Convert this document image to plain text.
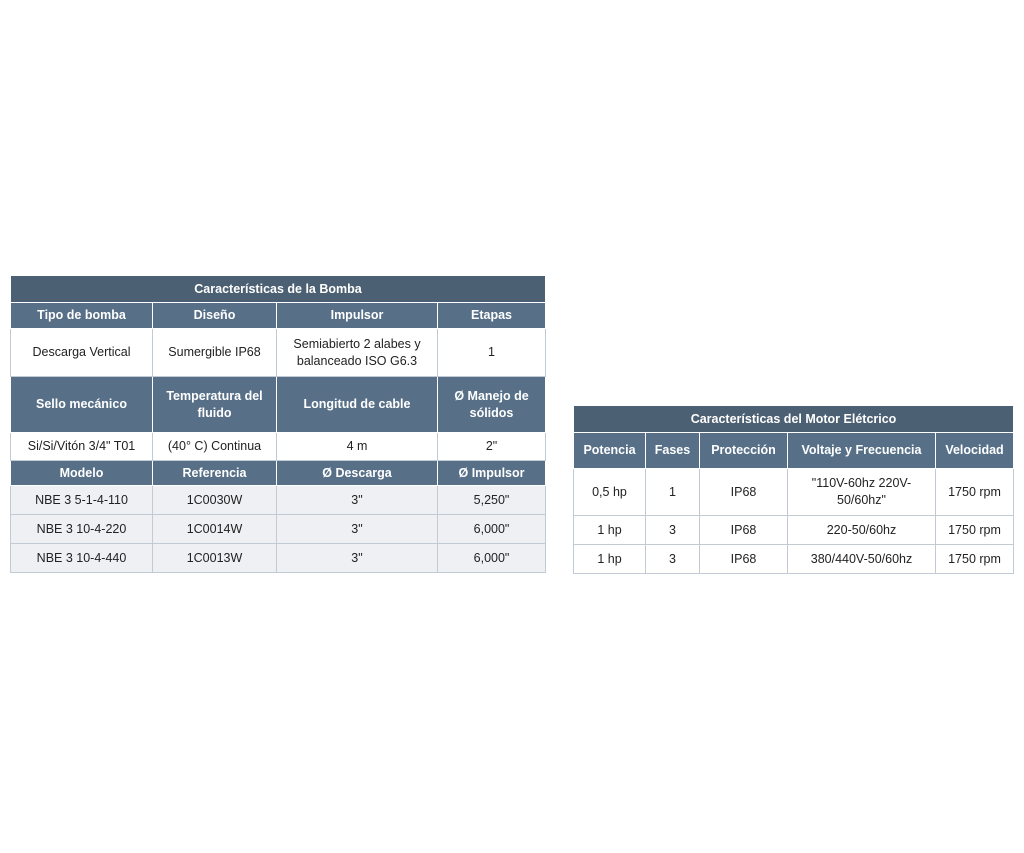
Características de la Bomba			
Tipo de bomba	Diseño	Impulsor	Etapas
Descarga Vertical	Sumergible IP68	Semiabierto 2 alabes y balanceado ISO G6.3	1
Sello mecánico	Temperatura del fluido	Longitud de cable	Ø Manejo de sólidos
Si/Si/Vitón 3/4" T01	(40° C) Continua	4 m	2"
Modelo	Referencia	Ø Descarga	Ø Impulsor
NBE 3 5-1-4-110	1C0030W	3"	5,250"
NBE 3 10-4-220	1C0014W	3"	6,000"
NBE 3 10-4-440	1C0013W	3"	6,000"
Características del Motor Elétcrico				
Potencia	Fases	Protección	Voltaje y Frecuencia	Velocidad
0,5 hp	1	IP68	"110V-60hz 220V-50/60hz"	1750 rpm
1 hp	3	IP68	220-50/60hz	1750 rpm
1 hp	3	IP68	380/440V-50/60hz	1750 rpm
